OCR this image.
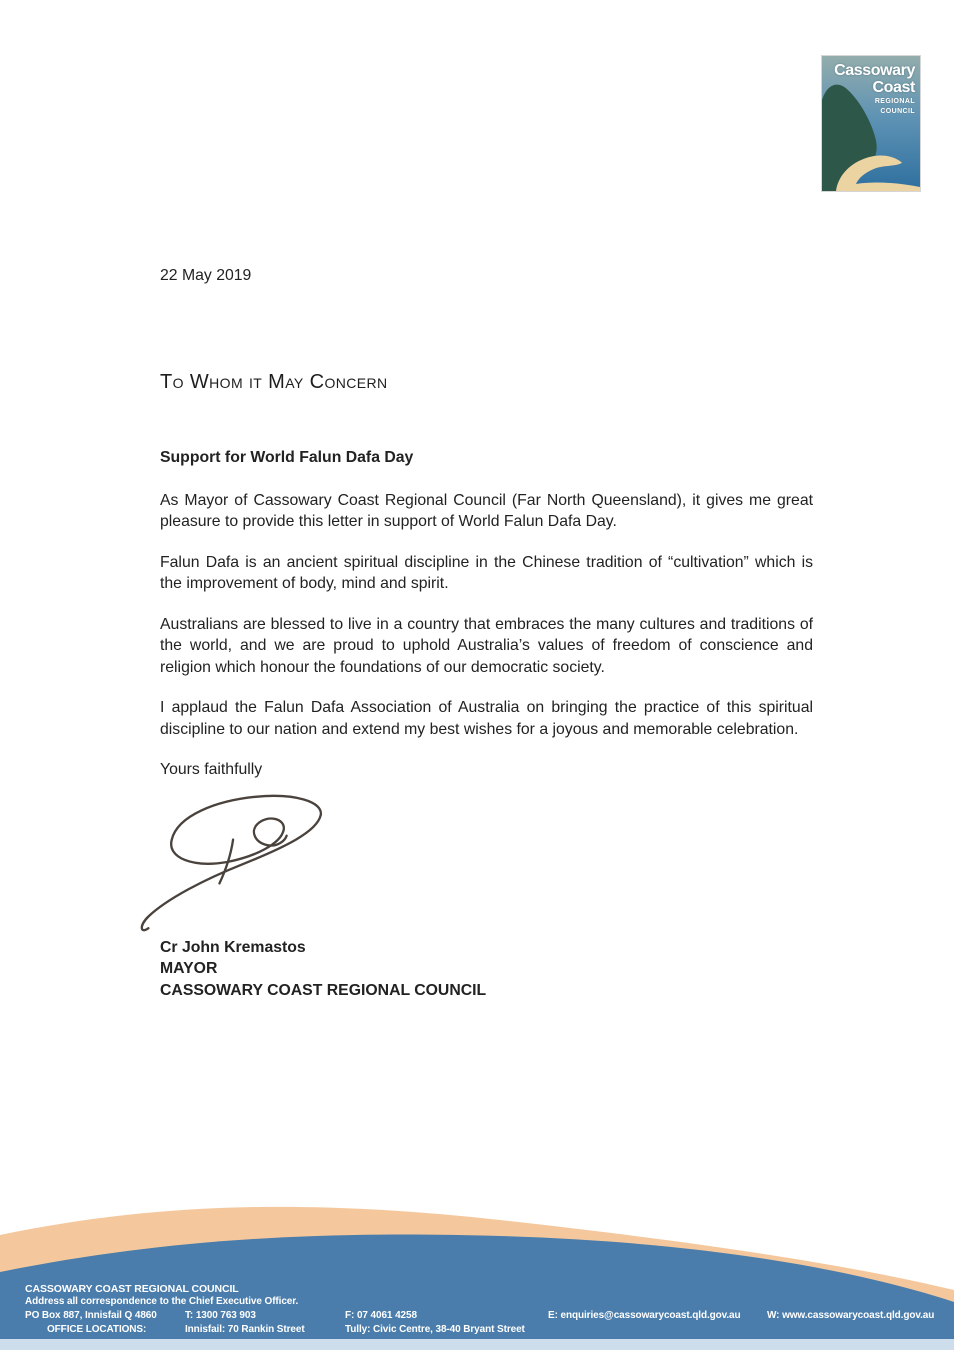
Cassowary
Coast
REGIONAL
COUNCIL

22 May 2019

To Whom it May Concern

Support for World Falun Dafa Day

As Mayor of Cassowary Coast Regional Council (Far North Queensland), it gives me great pleasure to provide this letter in support of World Falun Dafa Day.

Falun Dafa is an ancient spiritual discipline in the Chinese tradition of “cultivation” which is the improvement of body, mind and spirit.

Australians are blessed to live in a country that embraces the many cultures and traditions of the world, and we are proud to uphold Australia’s values of freedom of conscience and religion which honour the foundations of our democratic society.

I applaud the Falun Dafa Association of Australia on bringing the practice of this spiritual discipline to our nation and extend my best wishes for a joyous and memorable celebration.

Yours faithfully

Cr John Kremastos

MAYOR

CASSOWARY COAST REGIONAL COUNCIL

CASSOWARY COAST REGIONAL COUNCIL
Address all correspondence to the Chief Executive Officer.
PO Box 887, Innisfail Q 4860	T: 1300 763 903	F: 07 4061 4258	E: enquiries@cassowarycoast.qld.gov.au	W: www.cassowarycoast.qld.gov.au
OFFICE LOCATIONS:	Innisfail: 70 Rankin Street	Tully: Civic Centre, 38-40 Bryant Street
